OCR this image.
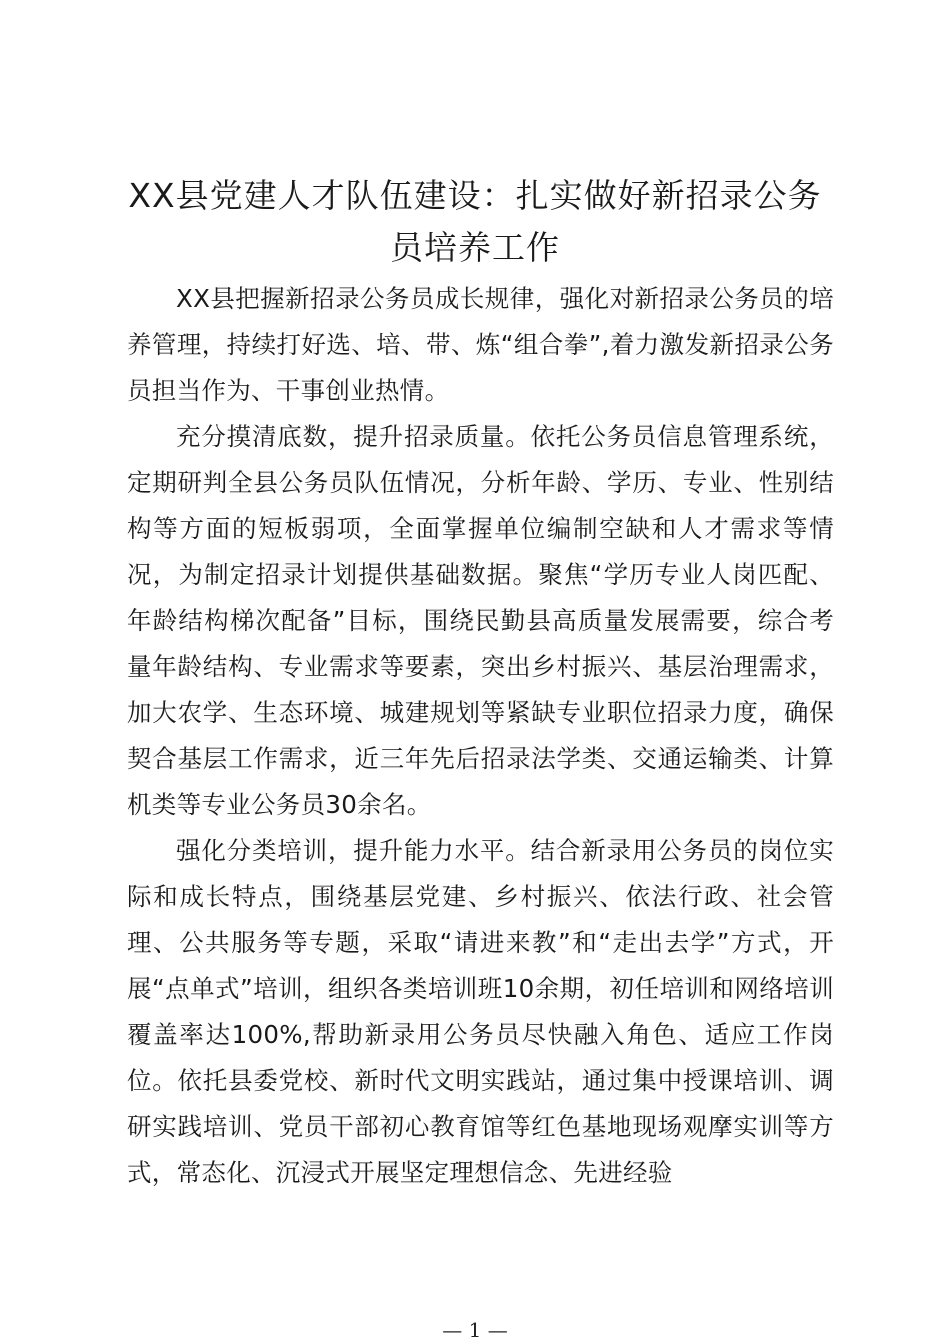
XX县党建人才队伍建设：扎实做好新招录公务员培养工作

XX县把握新招录公务员成长规律，强化对新招录公务员的培养管理，持续打好选、培、带、炼“组合拳”,着力激发新招录公务员担当作为、干事创业热情。

充分摸清底数，提升招录质量。依托公务员信息管理系统，定期研判全县公务员队伍情况，分析年龄、学历、专业、性别结构等方面的短板弱项，全面掌握单位编制空缺和人才需求等情况，为制定招录计划提供基础数据。聚焦“学历专业人岗匹配、年龄结构梯次配备”目标，围绕民勤县高质量发展需要，综合考量年龄结构、专业需求等要素，突出乡村振兴、基层治理需求，加大农学、生态环境、城建规划等紧缺专业职位招录力度，确保契合基层工作需求，近三年先后招录法学类、交通运输类、计算机类等专业公务员30余名。

强化分类培训，提升能力水平。结合新录用公务员的岗位实际和成长特点，围绕基层党建、乡村振兴、依法行政、社会管理、公共服务等专题，采取“请进来教”和“走出去学”方式，开展“点单式”培训，组织各类培训班10余期，初任培训和网络培训覆盖率达100%,帮助新录用公务员尽快融入角色、适应工作岗位。依托县委党校、新时代文明实践站，通过集中授课培训、调研实践培训、党员干部初心教育馆等红色基地现场观摩实训等方式，常态化、沉浸式开展坚定理想信念、先进经验

— 1 —
